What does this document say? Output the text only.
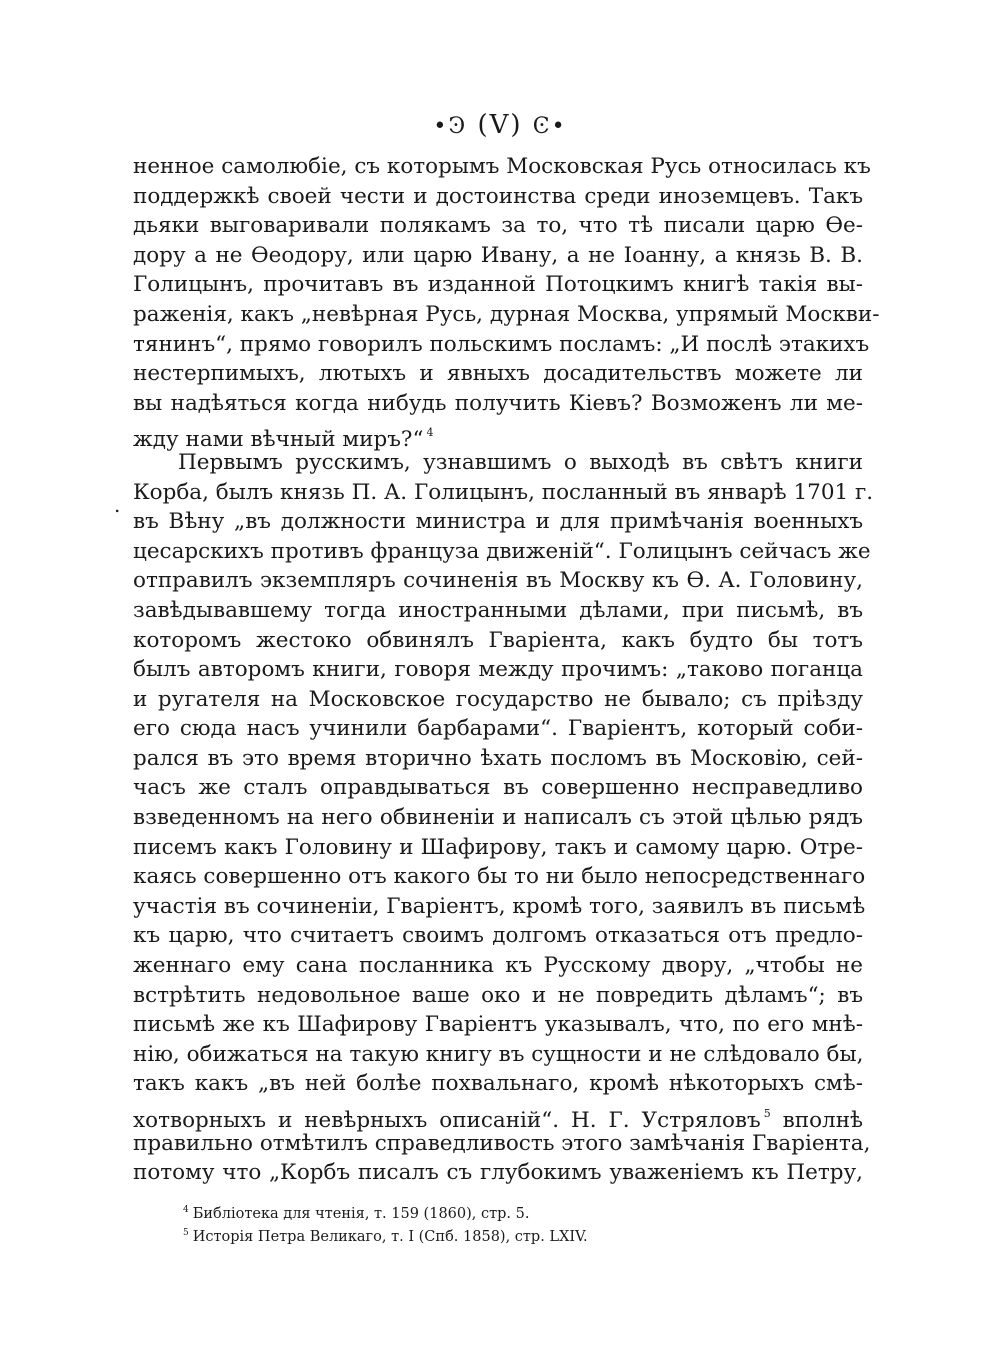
•Ͽ (V) Ͼ•
.
ненное самолюбіе, съ которымъ Московская Русь относилась къ
поддержкѣ своей чести и достоинства среди иноземцевъ. Такъ
дьяки выговаривали полякамъ за то, что тѣ писали царю Ѳе-
дору а не Ѳеодору, или царю Ивану, а не Іоанну, а князь В. В.
Голицынъ, прочитавъ въ изданной Потоцкимъ книгѣ такія вы-
раженія, какъ „невѣрная Русь, дурная Москва, упрямый Москви-
тянинъ“, прямо говорилъ польскимъ посламъ: „И послѣ этакихъ
нестерпимыхъ, лютыхъ и явныхъ досадительствъ можете ли
вы надѣяться когда нибудь получить Кіевъ? Возможенъ ли ме-
жду нами вѣчный миръ?“ $^4$
Первымъ русскимъ, узнавшимъ о выходѣ въ свѣтъ книги
Корба, былъ князь П. А. Голицынъ, посланный въ январѣ 1701 г.
въ Вѣну „въ должности министра и для примѣчанія военныхъ
цесарскихъ противъ француза движеній“. Голицынъ сейчасъ же
отправилъ экземпляръ сочиненія въ Москву къ Ѳ. А. Головину,
завѣдывавшему тогда иностранными дѣлами, при письмѣ, въ
которомъ жестоко обвинялъ Гваріента, какъ будто бы тотъ
былъ авторомъ книги, говоря между прочимъ: „таково поганца
и ругателя на Московское государство не бывало; съ пріѣзду
его сюда насъ учинили барбарами“. Гваріентъ, который соби-
рался въ это время вторично ѣхать посломъ въ Московію, сей-
часъ же сталъ оправдываться въ совершенно несправедливо
взведенномъ на него обвиненіи и написалъ съ этой цѣлью рядъ
писемъ какъ Головину и Шафирову, такъ и самому царю. Отре-
каясь совершенно отъ какого бы то ни было непосредственнаго
участія въ сочиненіи, Гваріентъ, кромѣ того, заявилъ въ письмѣ
къ царю, что считаетъ своимъ долгомъ отказаться отъ предло-
женнаго ему сана посланника къ Русскому двору, „чтобы не
встрѣтить недовольное ваше око и не повредить дѣламъ“; въ
письмѣ же къ Шафирову Гваріентъ указывалъ, что, по его мнѣ-
нію, обижаться на такую книгу въ сущности и не слѣдовало бы,
такъ какъ „въ ней болѣе похвальнаго, кромѣ нѣкоторыхъ смѣ-
хотворныхъ и невѣрныхъ описаній“. Н. Г. Устряловъ $^5$ вполнѣ
правильно отмѣтилъ справедливость этого замѣчанія Гваріента,
потому что „Корбъ писалъ съ глубокимъ уваженіемъ къ Петру,
$^4$ Библіотека для чтенія, т. 159 (1860), стр. 5.
$^5$ Исторія Петра Великаго, т. I (Спб. 1858), стр. LXIV.
